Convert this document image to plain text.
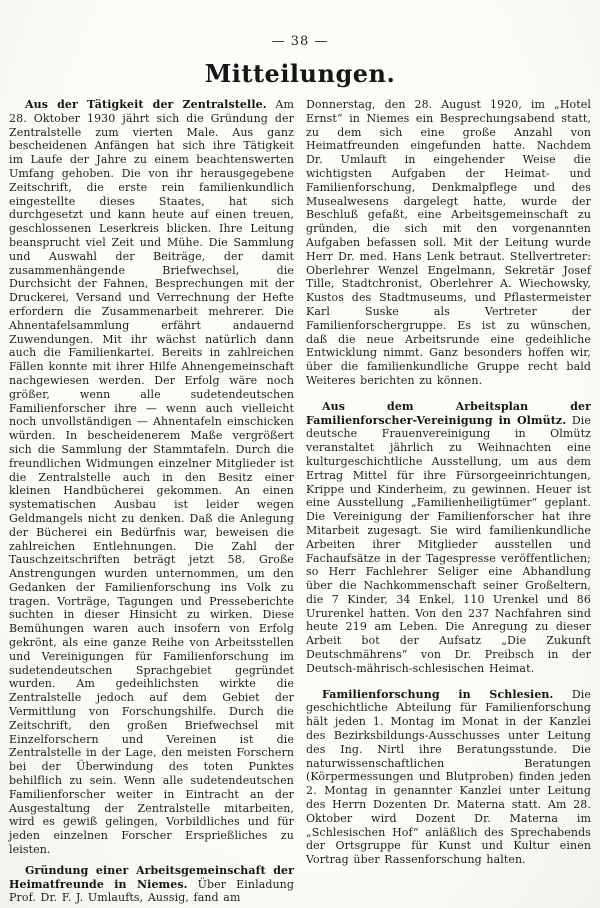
— 38 —
Mitteilungen.

Aus der Tätigkeit der Zentralstelle. Am 28. Oktober 1930 jährt sich die Gründung der Zentralstelle zum vierten Male. Aus ganz bescheidenen Anfängen hat sich ihre Tätigkeit im Laufe der Jahre zu einem beachtenswerten Umfang gehoben. Die von ihr herausgegebene Zeitschrift, die erste rein familienkundlich eingestellte dieses Staates, hat sich durchgesetzt und kann heute auf einen treuen, geschlossenen Leserkreis blicken. Ihre Leitung beansprucht viel Zeit und Mühe. Die Sammlung und Auswahl der Beiträge, der damit zusammenhängende Briefwechsel, die Durchsicht der Fahnen, Besprechungen mit der Druckerei, Versand und Verrechnung der Hefte erfordern die Zusammenarbeit mehrerer. Die Ahnentafelsammlung erfährt andauernd Zuwendungen. Mit ihr wächst natürlich dann auch die Familienkartei. Bereits in zahlreichen Fällen konnte mit ihrer Hilfe Ahnengemeinschaft nachgewiesen werden. Der Erfolg wäre noch größer, wenn alle sudetendeutschen Familienforscher ihre — wenn auch vielleicht noch unvollständigen — Ahnentafeln einschicken würden. In bescheidenerem Maße vergrößert sich die Sammlung der Stammtafeln. Durch die freundlichen Widmungen einzelner Mitglieder ist die Zentralstelle auch in den Besitz einer kleinen Handbücherei gekommen. An einen systematischen Ausbau ist leider wegen Geldmangels nicht zu denken. Daß die Anlegung der Bücherei ein Bedürfnis war, beweisen die zahlreichen Entlehnungen. Die Zahl der Tauschzeitschriften beträgt jetzt 58. Große Anstrengungen wurden unternommen, um den Gedanken der Familienforschung ins Volk zu tragen. Vorträge, Tagungen und Presseberichte suchten in dieser Hinsicht zu wirken. Diese Bemühungen waren auch insofern von Erfolg gekrönt, als eine ganze Reihe von Arbeitsstellen und Vereinigungen für Familienforschung im sudetendeutschen Sprachgebiet gegründet wurden. Am gedeihlichsten wirkte die Zentralstelle jedoch auf dem Gebiet der Vermittlung von Forschungshilfe. Durch die Zeitschrift, den großen Briefwechsel mit Einzelforschern und Vereinen ist die Zentralstelle in der Lage, den meisten Forschern bei der Überwindung des toten Punktes behilflich zu sein. Wenn alle sudetendeutschen Familienforscher weiter in Eintracht an der Ausgestaltung der Zentralstelle mitarbeiten, wird es gewiß gelingen, Vorbildliches und für jeden einzelnen Forscher Ersprießliches zu leisten.

Gründung einer Arbeitsgemeinschaft der Heimatfreunde in Niemes. Über Einladung Prof. Dr. F. J. Umlaufts, Aussig, fand am

Donnerstag, den 28. August 1920, im „Hotel Ernst“ in Niemes ein Besprechungsabend statt, zu dem sich eine große Anzahl von Heimatfreunden eingefunden hatte. Nachdem Dr. Umlauft in eingehender Weise die wichtigsten Aufgaben der Heimat- und Familienforschung, Denkmalpflege und des Musealwesens dargelegt hatte, wurde der Beschluß gefaßt, eine Arbeitsgemeinschaft zu gründen, die sich mit den vorgenannten Aufgaben befassen soll. Mit der Leitung wurde Herr Dr. med. Hans Lenk betraut. Stellvertreter: Oberlehrer Wenzel Engelmann, Sekretär Josef Tille, Stadtchronist, Oberlehrer A. Wiechowsky, Kustos des Stadtmuseums, und Pflastermeister Karl Suske als Vertreter der Familienforschergruppe. Es ist zu wünschen, daß die neue Arbeitsrunde eine gedeihliche Entwicklung nimmt. Ganz besonders hoffen wir, über die familienkundliche Gruppe recht bald Weiteres berichten zu können.

Aus dem Arbeitsplan der Familienforscher-Vereinigung in Olmütz. Die deutsche Frauenvereinigung in Olmütz veranstaltet jährlich zu Weihnachten eine kulturgeschichtliche Ausstellung, um aus dem Ertrag Mittel für ihre Fürsorgeeinrichtungen, Krippe und Kinderheim, zu gewinnen. Heuer ist eine Ausstellung „Familienheiligtümer“ geplant. Die Vereinigung der Familienforscher hat ihre Mitarbeit zugesagt. Sie wird familienkundliche Arbeiten ihrer Mitglieder ausstellen und Fachaufsätze in der Tagespresse veröffentlichen; so Herr Fachlehrer Seliger eine Abhandlung über die Nachkommenschaft seiner Großeltern, die 7 Kinder, 34 Enkel, 110 Urenkel und 86 Ururenkel hatten. Von den 237 Nachfahren sind heute 219 am Leben. Die Anregung zu dieser Arbeit bot der Aufsatz „Die Zukunft Deutschmährens“ von Dr. Preibsch in der Deutsch-mährisch-schlesischen Heimat.

Familienforschung in Schlesien. Die geschichtliche Abteilung für Familienforschung hält jeden 1. Montag im Monat in der Kanzlei des Bezirksbildungs-Ausschusses unter Leitung des Ing. Nirtl ihre Beratungsstunde. Die naturwissenschaftlichen Beratungen (Körpermessungen und Blutproben) finden jeden 2. Montag in genannter Kanzlei unter Leitung des Herrn Dozenten Dr. Materna statt. Am 28. Oktober wird Dozent Dr. Materna im „Schlesischen Hof“ anläßlich des Sprechabends der Ortsgruppe für Kunst und Kultur einen Vortrag über Rassenforschung halten.
